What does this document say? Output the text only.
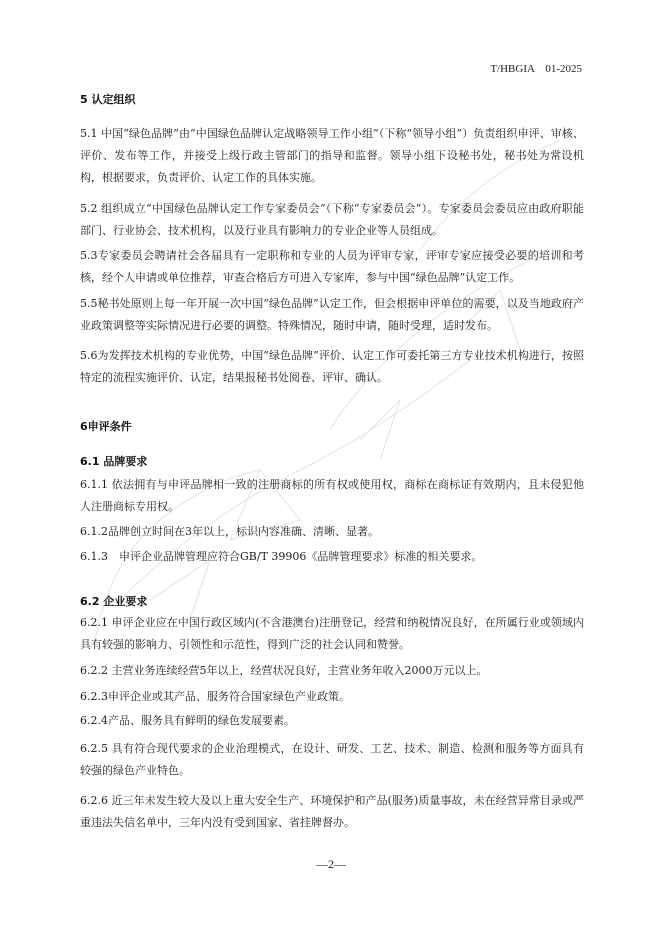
T/HBGIA　01-2025
5 认定组织
5.1 中国“绿色品牌”由“中国绿色品牌认定战略领导工作小组”（下称“领导小组”）负责组织申评、审核、评价、发布等工作，并接受上级行政主管部门的指导和监督。领导小组下设秘书处，秘书处为常设机构，根据要求，负责评价、认定工作的具体实施。
5.2 组织成立“中国绿色品牌认定工作专家委员会”（下称“专家委员会”）。专家委员会委员应由政府职能部门、行业协会、技术机构，以及行业具有影响力的专业企业等人员组成。
5.3专家委员会聘请社会各届具有一定职称和专业的人员为评审专家，评审专家应接受必要的培训和考核，经个人申请或单位推荐，审查合格后方可进入专家库，参与中国“绿色品牌”认定工作。
5.5秘书处原则上每一年开展一次中国“绿色品牌”认定工作，但会根据申评单位的需要，以及当地政府产业政策调整等实际情况进行必要的调整。特殊情况，随时申请，随时受理，适时发布。
5.6为发挥技术机构的专业优势，中国“绿色品牌”评价、认定工作可委托第三方专业技术机构进行，按照特定的流程实施评价、认定，结果报秘书处阅卷、评审、确认。
6申评条件
6.1 品牌要求
6.1.1 依法拥有与申评品牌相一致的注册商标的所有权或使用权，商标在商标证有效期内，且未侵犯他人注册商标专用权。
6.1.2品牌创立时间在3年以上，标识内容准确、清晰、显著。
6.1.3　申评企业品牌管理应符合GB/T 39906《品牌管理要求》标准的相关要求。
6.2 企业要求
6.2.1 申评企业应在中国行政区域内(不含港澳台)注册登记，经营和纳税情况良好，在所属行业或领域内具有较强的影响力、引领性和示范性，得到广泛的社会认同和赞誉。
6.2.2 主营业务连续经营5年以上，经营状况良好，主营业务年收入2000万元以上。
6.2.3申评企业或其产品、服务符合国家绿色产业政策。
6.2.4产品、服务具有鲜明的绿色发展要素。
6.2.5 具有符合现代要求的企业治理模式，在设计、研发、工艺、技术、制造、检测和服务等方面具有较强的绿色产业特色。
6.2.6 近三年未发生较大及以上重大安全生产、环境保护和产品(服务)质量事故，未在经营异常目录或严重违法失信名单中，三年内没有受到国家、省挂牌督办。
—2—
